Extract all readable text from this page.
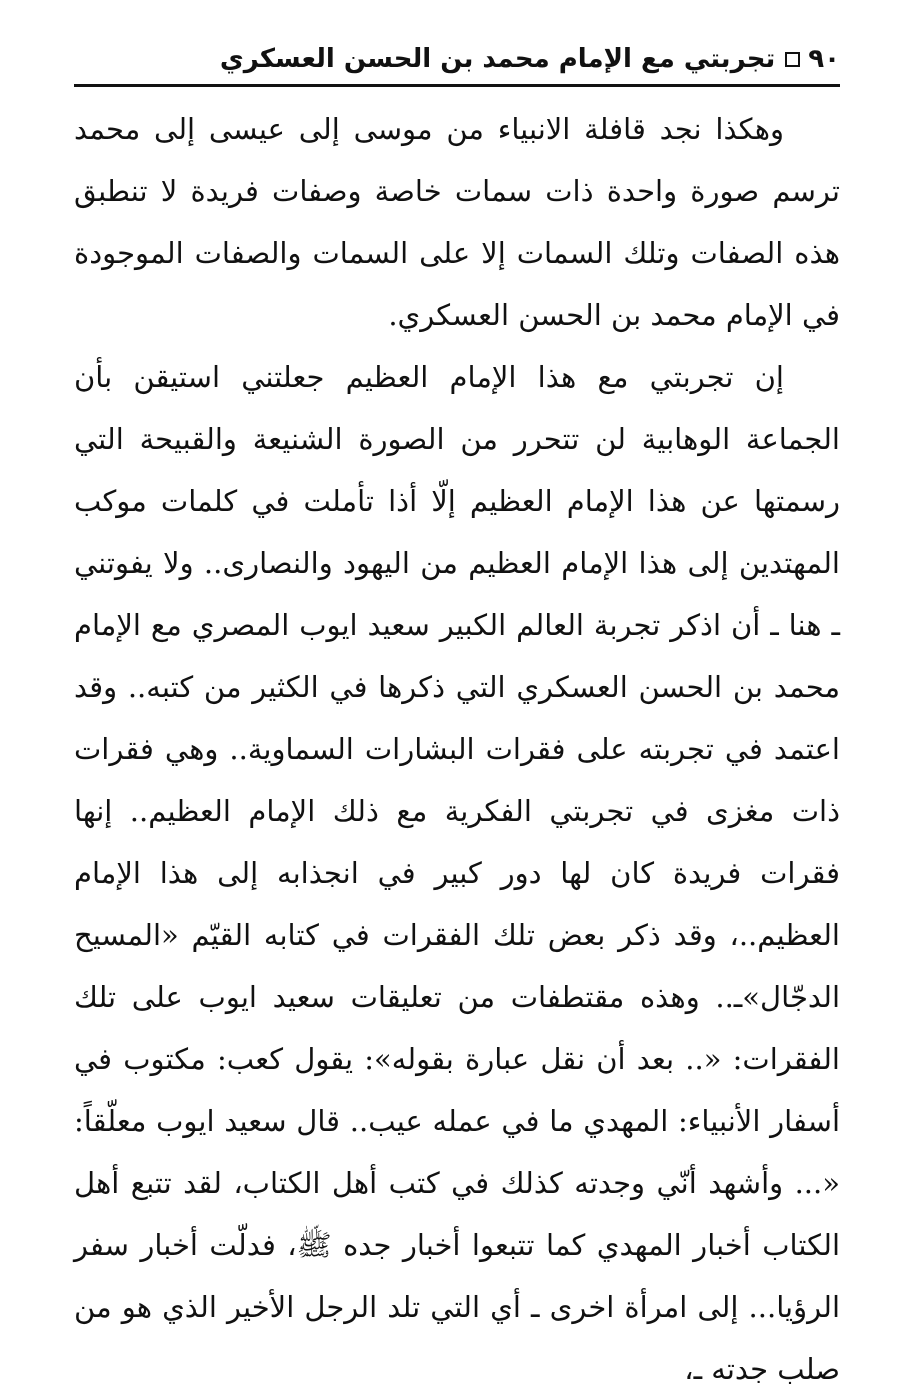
٩٠
تجربتي مع الإمام محمد بن الحسن العسكري

وهكذا نجد قافلة الانبياء من موسى إلى عيسى إلى محمد ترسم صورة واحدة ذات سمات خاصة وصفات فريدة لا تنطبق هذه الصفات وتلك السمات إلا على السمات والصفات الموجودة في الإمام محمد بن الحسن العسكري.

إن تجربتي مع هذا الإمام العظيم جعلتني استيقن بأن الجماعة الوهابية لن تتحرر من الصورة الشنيعة والقبيحة التي رسمتها عن هذا الإمام العظيم إلّا أذا تأملت في كلمات موكب المهتدين إلى هذا الإمام العظيم من اليهود والنصارى.. ولا يفوتني ـ هنا ـ أن اذكر تجربة العالم الكبير سعيد ايوب المصري مع الإمام محمد بن الحسن العسكري التي ذكرها في الكثير من كتبه.. وقد اعتمد في تجربته على فقرات البشارات السماوية.. وهي فقرات ذات مغزى في تجربتي الفكرية مع ذلك الإمام العظيم.. إنها فقرات فريدة كان لها دور كبير في انجذابه إلى هذا الإمام العظيم..، وقد ذكر بعض تلك الفقرات في كتابه القيّم «المسيح الدجّال»ـ.. وهذه مقتطفات من تعليقات سعيد ايوب على تلك الفقرات: «.. بعد أن نقل عبارة بقوله»: يقول كعب: مكتوب في أسفار الأنبياء: المهدي ما في عمله عيب.. قال سعيد ايوب معلّقاً: «... وأشهد أنّي وجدته كذلك في كتب أهل الكتاب، لقد تتبع أهل الكتاب أخبار المهدي كما تتبعوا أخبار جده ﷺ، فدلّت أخبار سفر الرؤيا... إلى امرأة اخرى ـ أي التي تلد الرجل الأخير الذي هو من صلب جدته ـ،
